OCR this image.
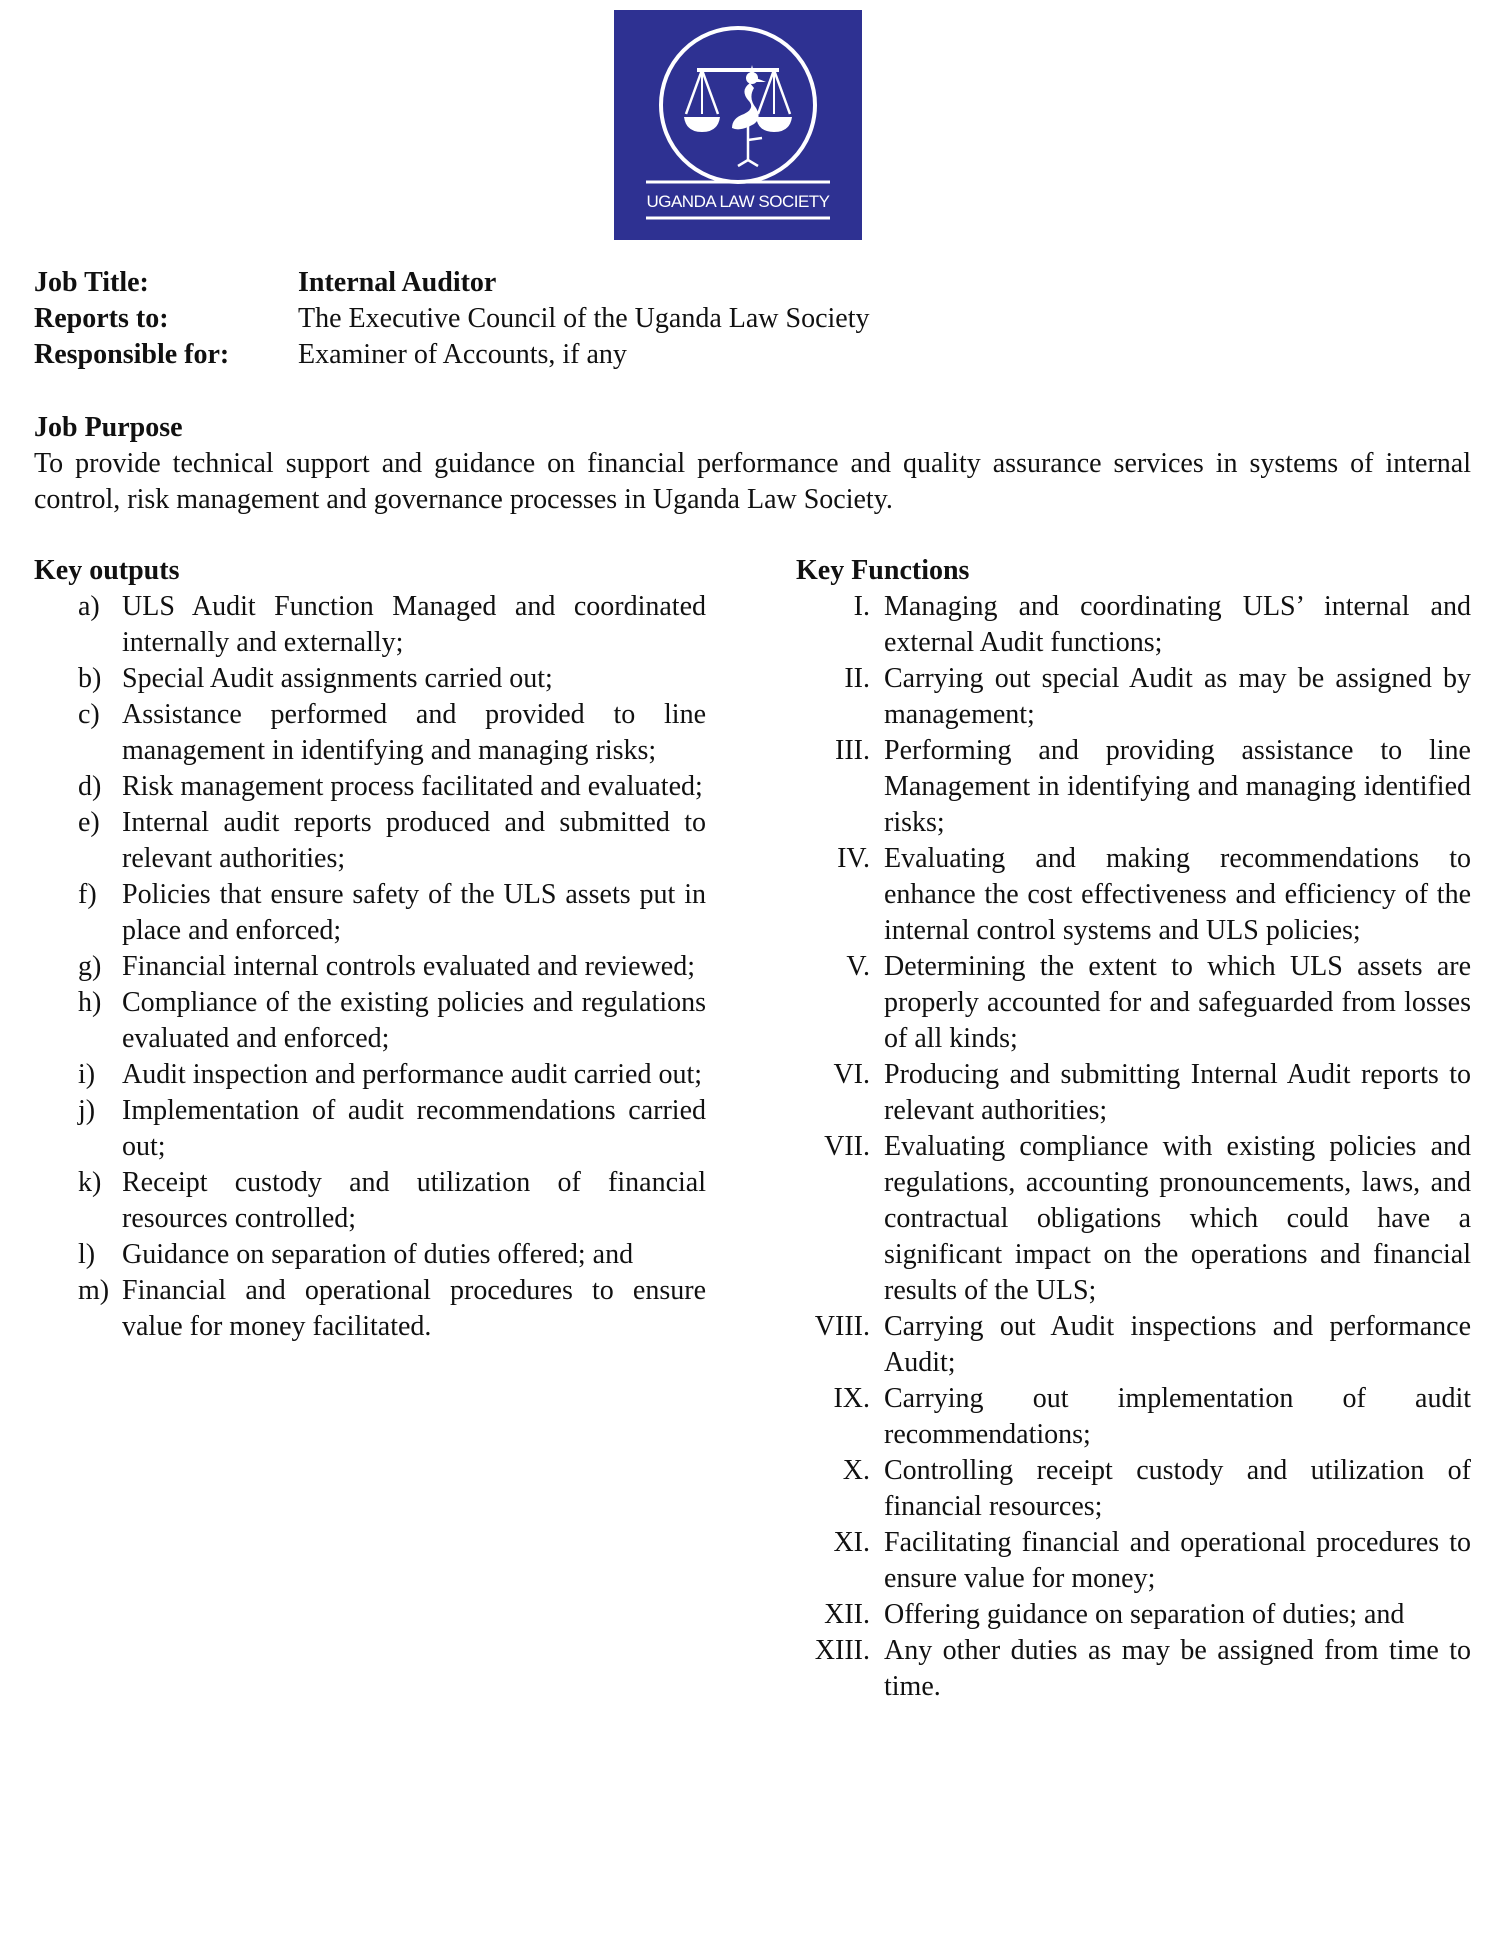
UGANDA LAW SOCIETY
Job Title:	Internal Auditor
Reports to:	The Executive Council of the Uganda Law Society
Responsible for:	Examiner of Accounts, if any
Job Purpose

To provide technical support and guidance on financial performance and quality assurance services in systems of internal control, risk management and governance processes in Uganda Law Society.

Key outputs
a) ULS Audit Function Managed and coordinated internally and externally;
b) Special Audit assignments carried out;
c) Assistance performed and provided to line management in identifying and managing risks;
d) Risk management process facilitated and evaluated;
e) Internal audit reports produced and submitted to relevant authorities;
f) Policies that ensure safety of the ULS assets put in place and enforced;
g) Financial internal controls evaluated and reviewed;
h) Compliance of the existing policies and regulations evaluated and enforced;
i) Audit inspection and performance audit carried out;
j) Implementation of audit recommendations carried out;
k) Receipt custody and utilization of financial resources controlled;
l) Guidance on separation of duties offered; and
m) Financial and operational procedures to ensure value for money facilitated.
Key Functions
I. Managing and coordinating ULS’ internal and external Audit functions;
II. Carrying out special Audit as may be assigned by management;
III. Performing and providing assistance to line Management in identifying and managing identified risks;
IV. Evaluating and making recommendations to enhance the cost effectiveness and efficiency of the internal control systems and ULS policies;
V. Determining the extent to which ULS assets are properly accounted for and safeguarded from losses of all kinds;
VI. Producing and submitting Internal Audit reports to relevant authorities;
VII. Evaluating compliance with existing policies and regulations, accounting pronouncements, laws, and contractual obligations which could have a significant impact on the operations and financial results of the ULS;
VIII. Carrying out Audit inspections and performance Audit;
IX. Carrying out implementation of audit recommendations;
X. Controlling receipt custody and utilization of financial resources;
XI. Facilitating financial and operational procedures to ensure value for money;
XII. Offering guidance on separation of duties; and
XIII. Any other duties as may be assigned from time to time.
